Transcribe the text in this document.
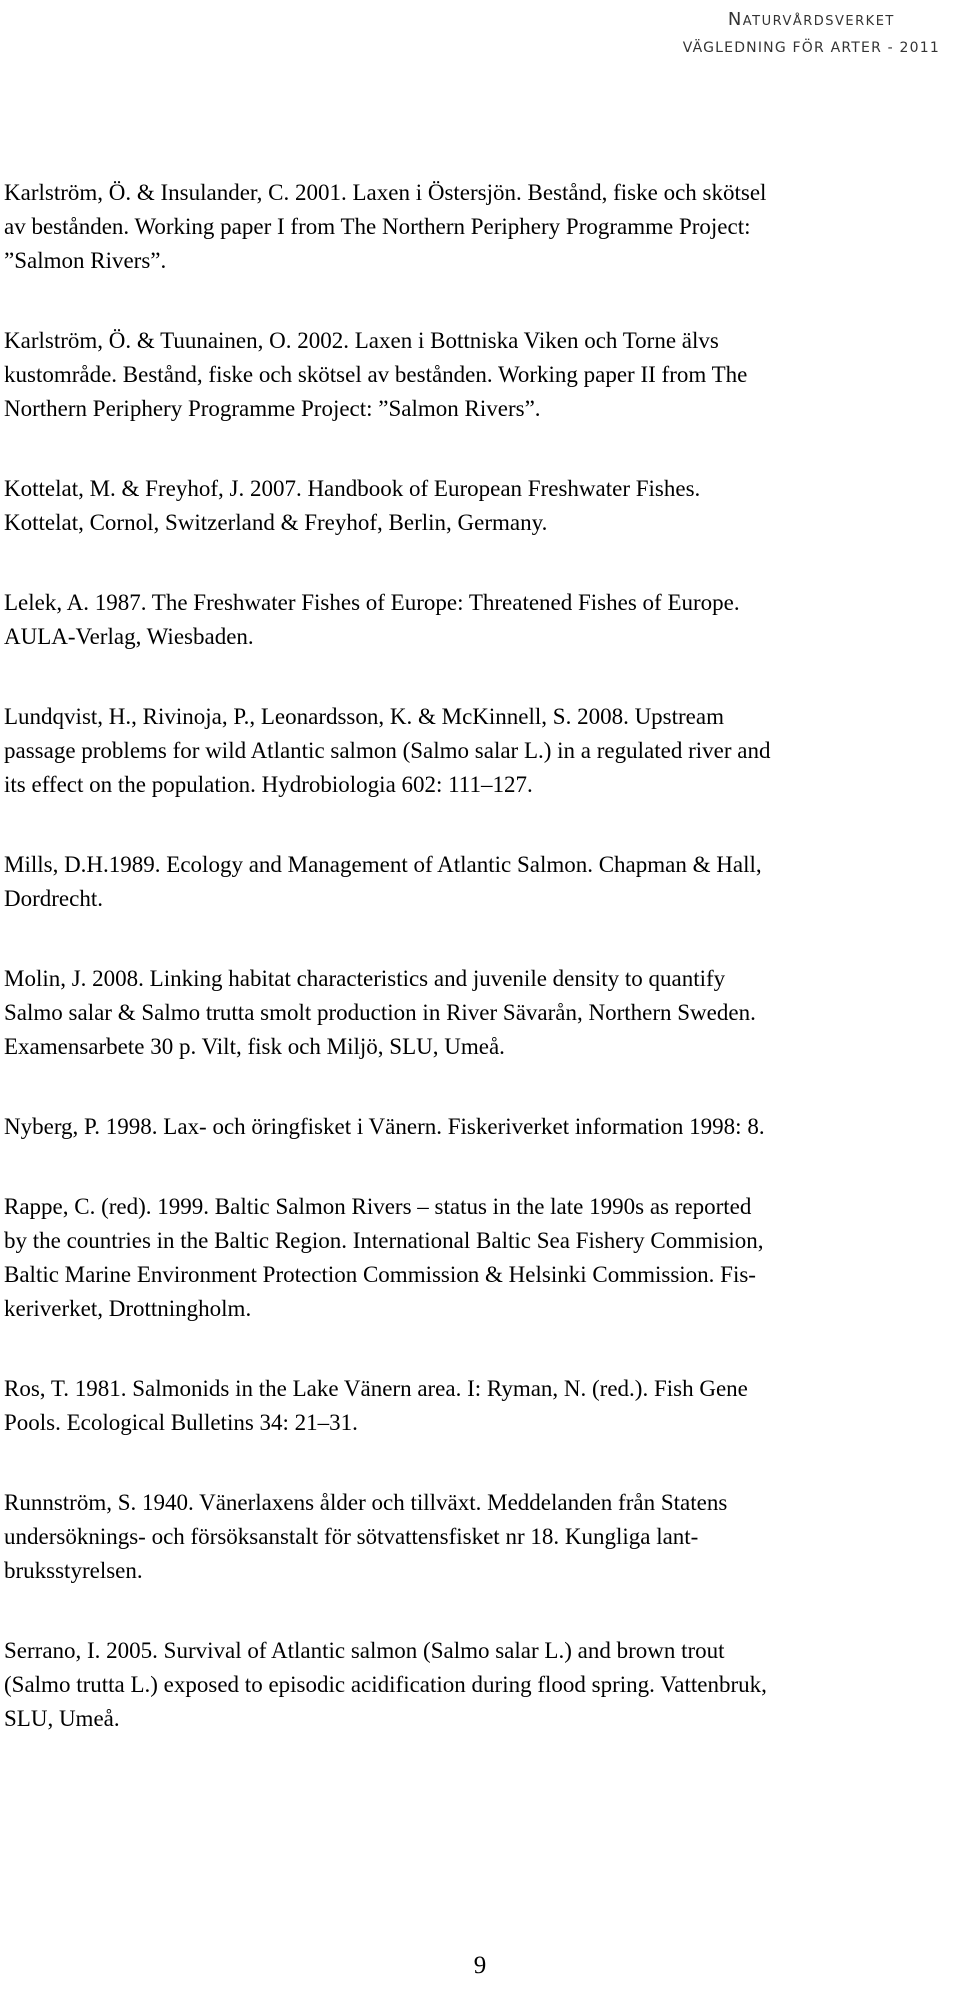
Naturvårdsverket
VÄGLEDNING FÖR ARTER - 2011
Karlström, Ö. & Insulander, C. 2001. Laxen i Östersjön. Bestånd, fiske och skötsel
av bestånden. Working paper I from The Northern Periphery Programme Project:
”Salmon Rivers”.
Karlström, Ö. & Tuunainen, O. 2002. Laxen i Bottniska Viken och Torne älvs
kustområde. Bestånd, fiske och skötsel av bestånden. Working paper II from The
Northern Periphery Programme Project: ”Salmon Rivers”.
Kottelat, M. & Freyhof, J. 2007. Handbook of European Freshwater Fishes.
Kottelat, Cornol, Switzerland & Freyhof, Berlin, Germany.
Lelek, A. 1987. The Freshwater Fishes of Europe: Threatened Fishes of Europe.
AULA-Verlag, Wiesbaden.
Lundqvist, H., Rivinoja, P., Leonardsson, K. & McKinnell, S. 2008. Upstream
passage problems for wild Atlantic salmon (Salmo salar L.) in a regulated river and
its effect on the population. Hydrobiologia 602: 111–127.
Mills, D.H.1989. Ecology and Management of Atlantic Salmon. Chapman & Hall,
Dordrecht.
Molin, J. 2008. Linking habitat characteristics and juvenile density to quantify
Salmo salar & Salmo trutta smolt production in River Sävarån, Northern Sweden.
Examensarbete 30 p. Vilt, fisk och Miljö, SLU, Umeå.
Nyberg, P. 1998. Lax- och öringfisket i Vänern. Fiskeriverket information 1998: 8.
Rappe, C. (red). 1999. Baltic Salmon Rivers – status in the late 1990s as reported
by the countries in the Baltic Region. International Baltic Sea Fishery Commision,
Baltic Marine Environment Protection Commission & Helsinki Commission. Fis-
keriverket, Drottningholm.
Ros, T. 1981. Salmonids in the Lake Vänern area. I: Ryman, N. (red.). Fish Gene
Pools. Ecological Bulletins 34: 21–31.
Runnström, S. 1940. Vänerlaxens ålder och tillväxt. Meddelanden från Statens
undersöknings- och försöksanstalt för sötvattensfisket nr 18. Kungliga lant-
bruksstyrelsen.
Serrano, I. 2005. Survival of Atlantic salmon (Salmo salar L.) and brown trout
(Salmo trutta L.) exposed to episodic acidification during flood spring. Vattenbruk,
SLU, Umeå.
9
